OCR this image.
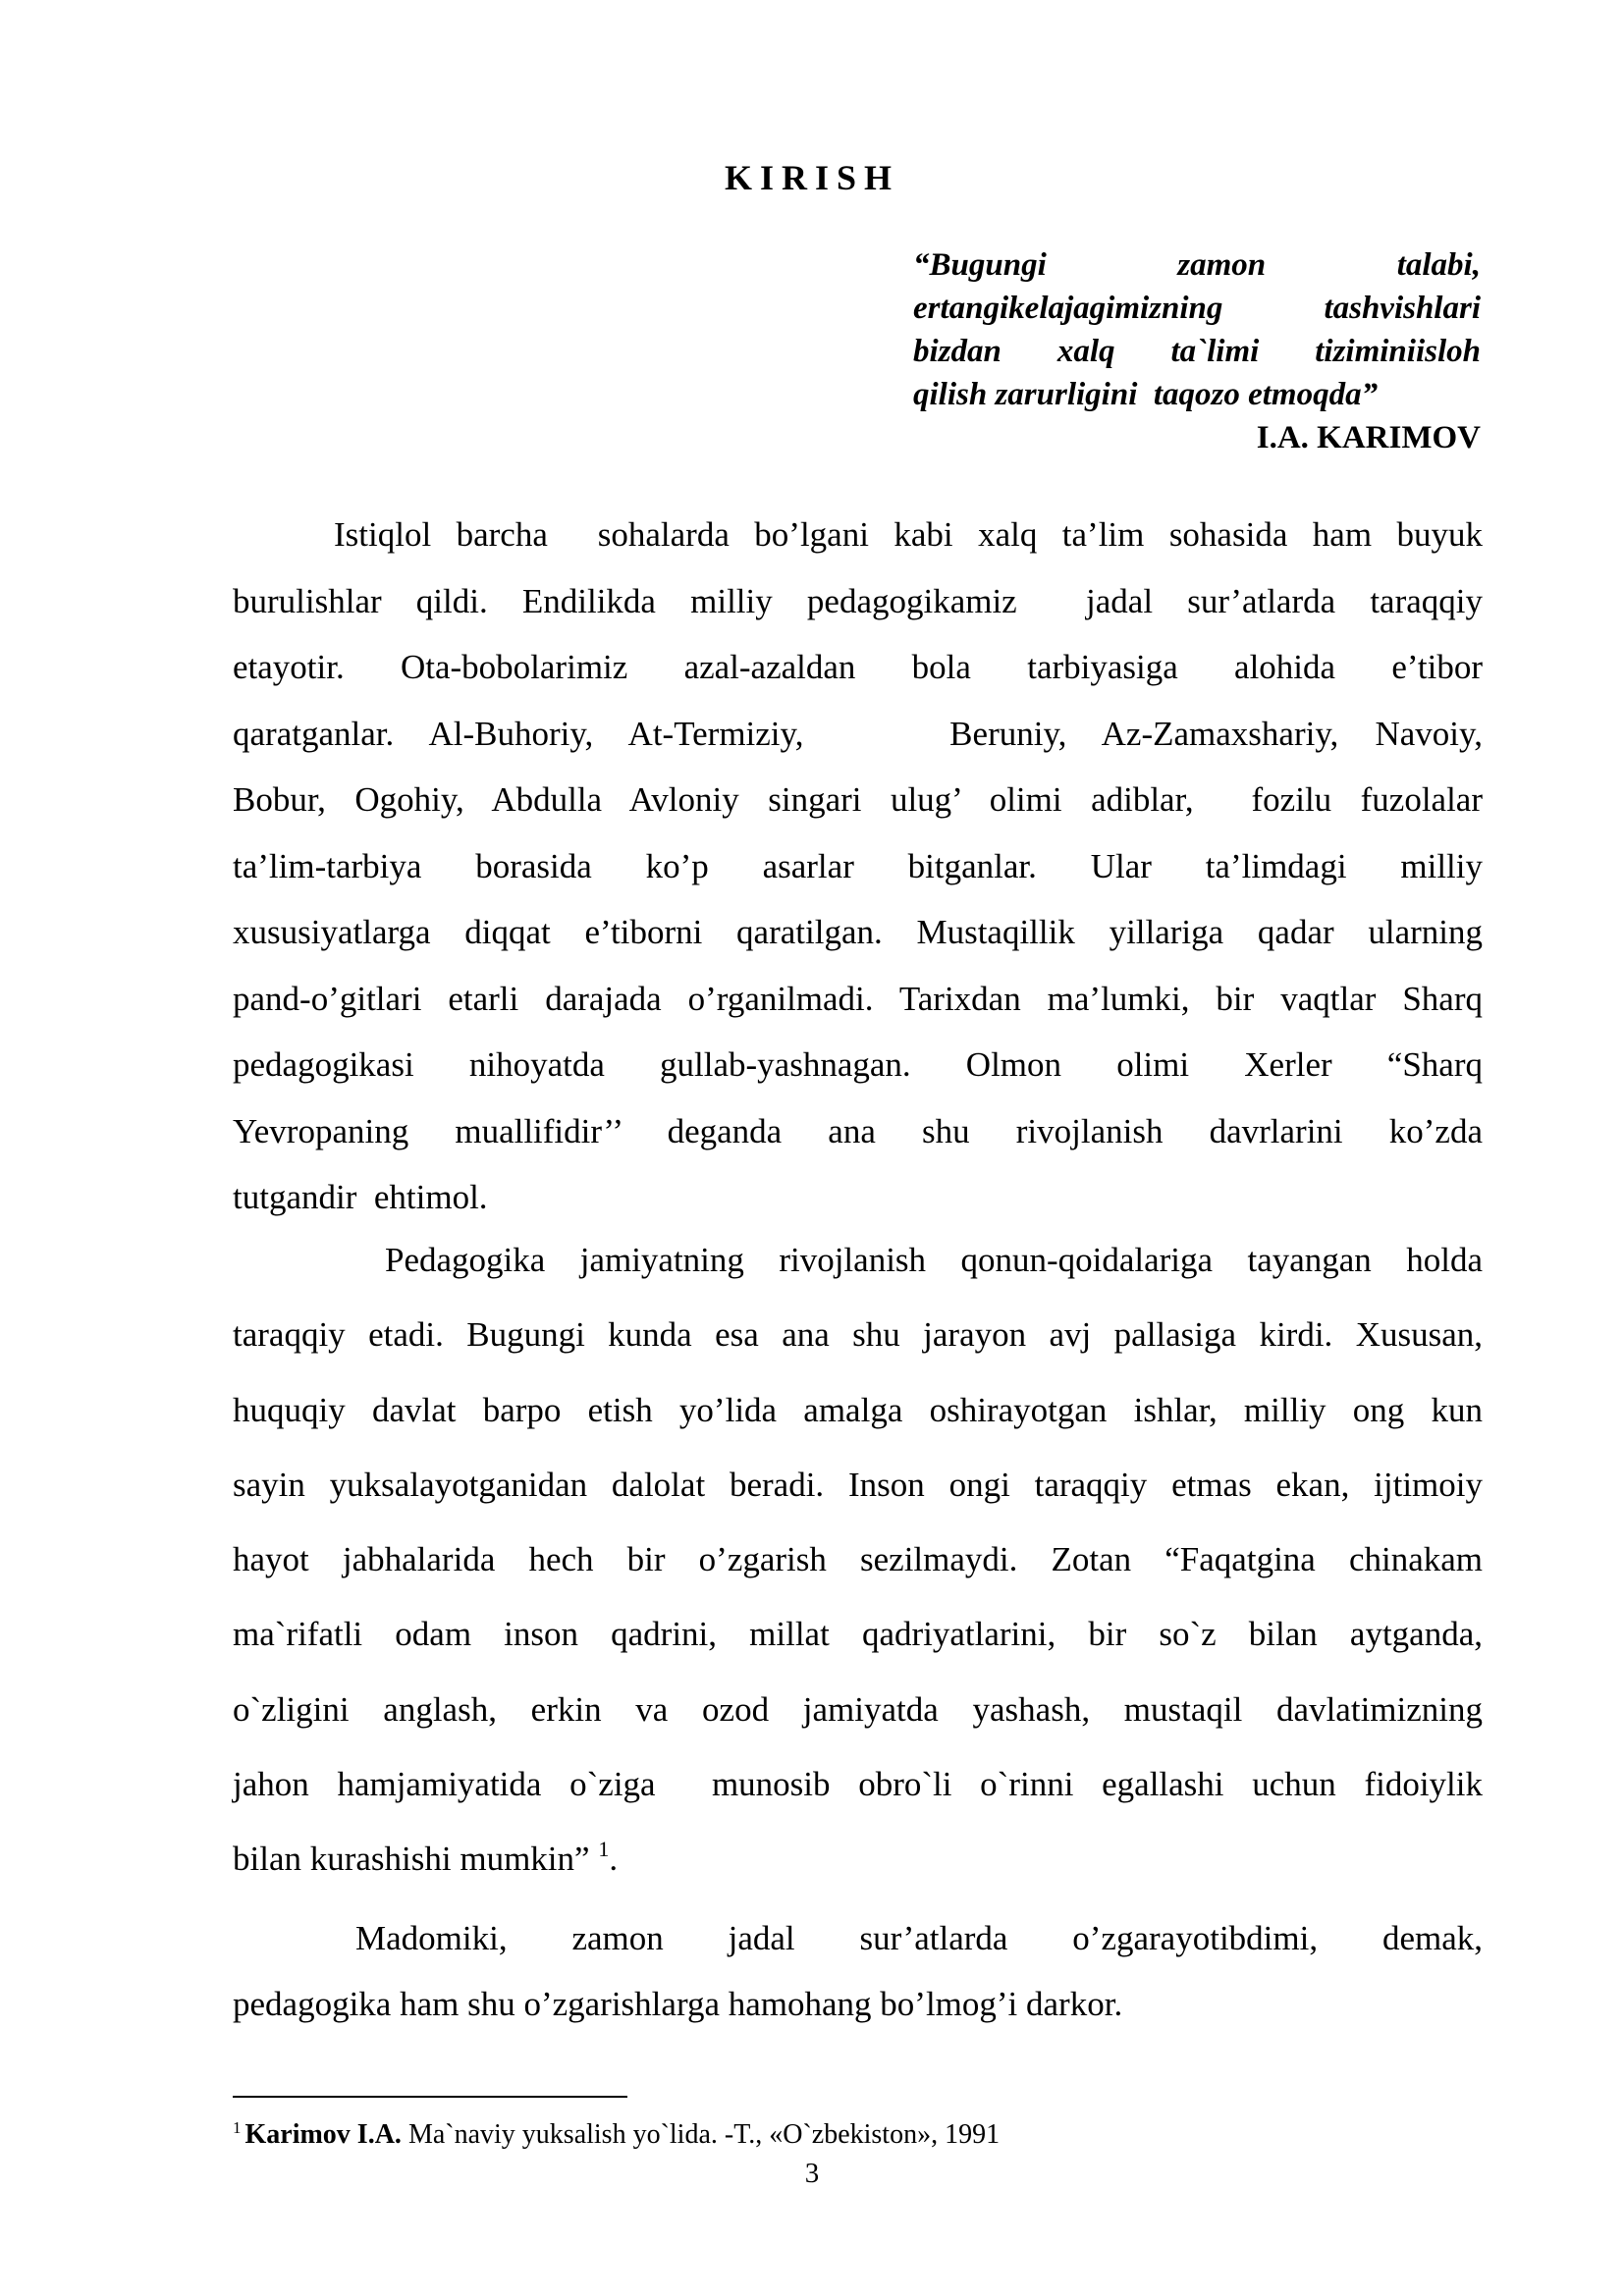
KIRISH
“Bugungi	zamon	talabi,
ertangikelajagimizning	tashvishlari
bizdan xalq ta`limi tiziminiisloh
qilish zarurligini  taqozo etmoqda”
I.A. KARIMOV
Istiqlol barcha  sohalarda bo’lgani kabi xalq ta’lim sohasida ham buyuk
burulishlar qildi. Endilikda milliy pedagogikamiz  jadal sur’atlarda taraqqiy
etayotir. Ota-bobolarimiz azal-azaldan bola tarbiyasiga alohida e’tibor
qaratganlar. Al-Buhoriy, At-Termiziy,    Beruniy, Az-Zamaxshariy, Navoiy,
Bobur, Ogohiy, Abdulla Avloniy singari ulug’ olimi adiblar,  fozilu fuzolalar
ta’lim-tarbiya borasida ko’p asarlar bitganlar. Ular ta’limdagi milliy
xususiyatlarga diqqat e’tiborni qaratilgan. Mustaqillik yillariga qadar ularning
pand-o’gitlari etarli darajada o’rganilmadi. Tarixdan ma’lumki, bir vaqtlar Sharq
pedagogikasi nihoyatda gullab-yashnagan. Olmon olimi Xerler “Sharq
Yevropaning muallifidir’’ deganda ana shu rivojlanish davrlarini ko’zda
tutgandir  ehtimol.
Pedagogika jamiyatning rivojlanish qonun-qoidalariga tayangan holda
taraqqiy etadi. Bugungi kunda esa ana shu jarayon avj pallasiga kirdi. Xususan,
huquqiy davlat barpo etish yo’lida amalga oshirayotgan ishlar, milliy ong kun
sayin yuksalayotganidan dalolat beradi. Inson ongi taraqqiy etmas ekan, ijtimoiy
hayot jabhalarida hech bir o’zgarish sezilmaydi. Zotan “Faqatgina chinakam
ma`rifatli odam inson qadrini, millat qadriyatlarini, bir so`z bilan aytganda,
o`zligini anglash, erkin va ozod jamiyatda yashash, mustaqil davlatimizning
jahon hamjamiyatida o`ziga  munosib obro`li o`rinni egallashi uchun fidoiylik
bilan kurashishi mumkin” $^1$.
Madomiki, zamon jadal sur’atlarda o’zgarayotibdimi, demak,
pedagogika ham shu o’zgarishlarga hamohang bo’lmog’i darkor.
$^1$ Karimov I.A. Ma`naviy yuksalish yo`lida. -T., «O`zbekiston», 1991
3
